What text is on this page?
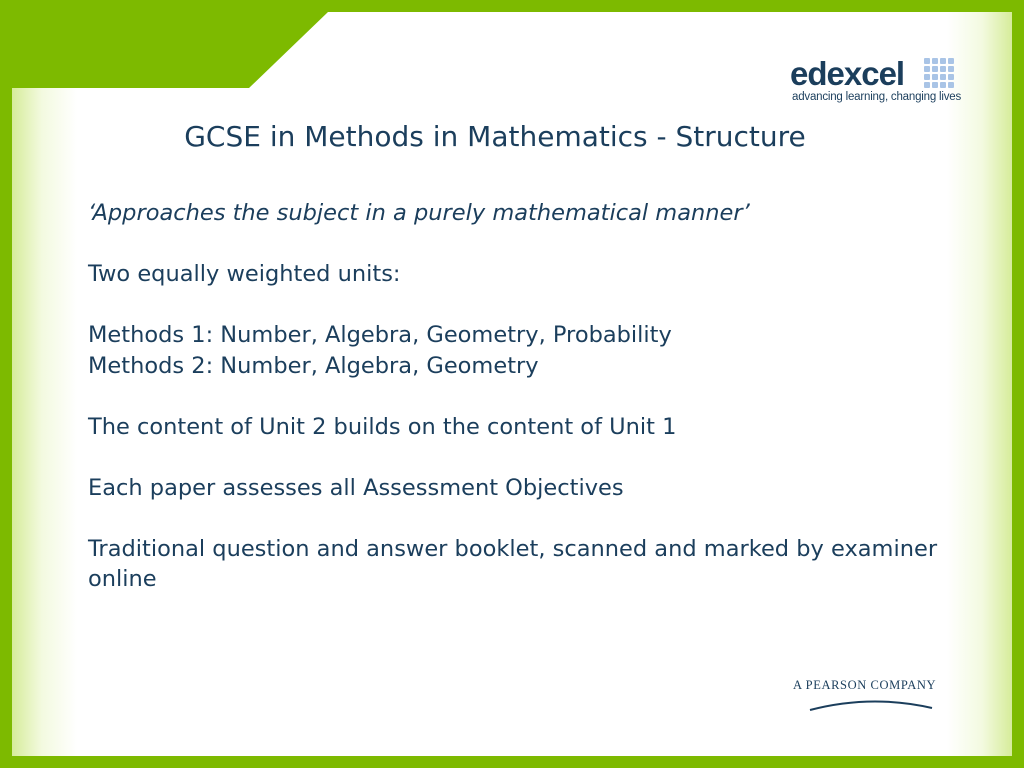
edexcel
advancing learning, changing lives
GCSE in Methods in Mathematics - Structure

‘Approaches the subject in a purely mathematical manner’

Two equally weighted units:

Methods 1: Number, Algebra, Geometry, Probability

Methods 2: Number, Algebra, Geometry

The content of Unit 2 builds on the content of Unit 1

Each paper assesses all Assessment Objectives

Traditional question and answer booklet, scanned and marked by examiner online

A PEARSON COMPANY
